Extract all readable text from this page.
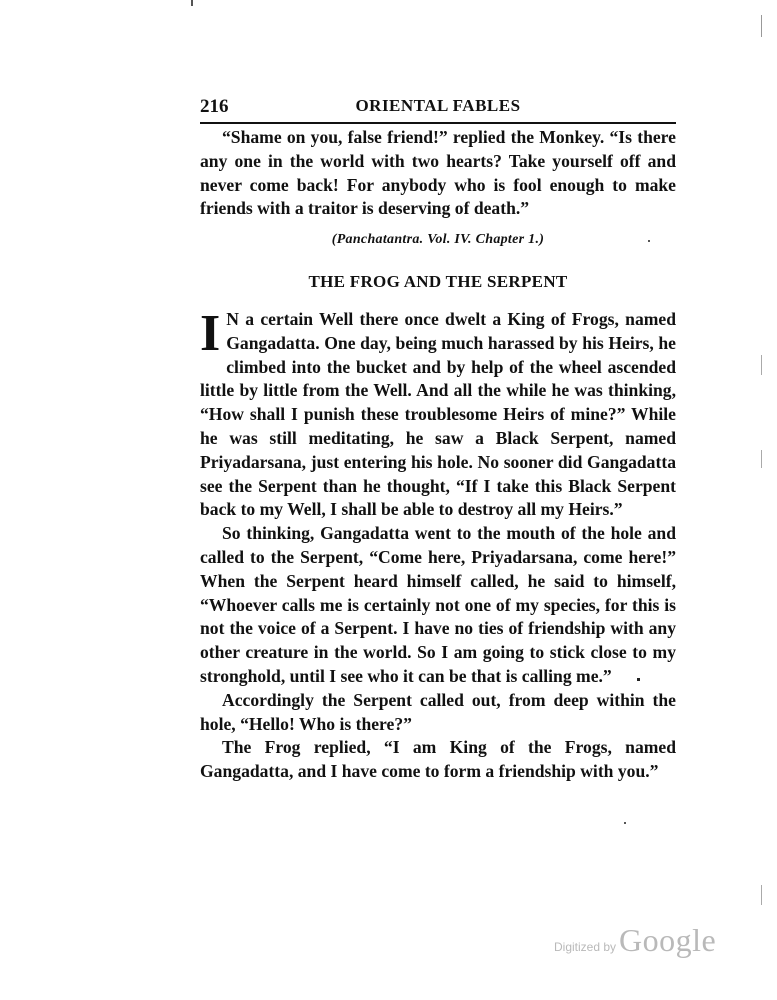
216	ORIENTAL FABLES

“Shame on you, false friend!” replied the Monkey. “Is there any one in the world with two hearts? Take yourself off and never come back! For anybody who is fool enough to make friends with a traitor is deserving of death.”

(Panchatantra. Vol. IV. Chapter 1.)
THE FROG AND THE SERPENT

I N a certain Well there once dwelt a King of Frogs, named Gangadatta. One day, being much harassed by his Heirs, he climbed into the bucket and by help of the wheel ascended little by little from the Well. And all the while he was thinking, “How shall I punish these troublesome Heirs of mine?” While he was still meditating, he saw a Black Serpent, named Priyadarsana, just entering his hole. No sooner did Gangadatta see the Serpent than he thought, “If I take this Black Serpent back to my Well, I shall be able to destroy all my Heirs.”

So thinking, Gangadatta went to the mouth of the hole and called to the Serpent, “Come here, Priyadarsana, come here!” When the Serpent heard himself called, he said to himself, “Whoever calls me is certainly not one of my species, for this is not the voice of a Serpent. I have no ties of friendship with any other creature in the world. So I am going to stick close to my stronghold, until I see who it can be that is calling me.”

Accordingly the Serpent called out, from deep within the hole, “Hello! Who is there?”

The Frog replied, “I am King of the Frogs, named Gangadatta, and I have come to form a friendship with you.”

Digitized by Google
